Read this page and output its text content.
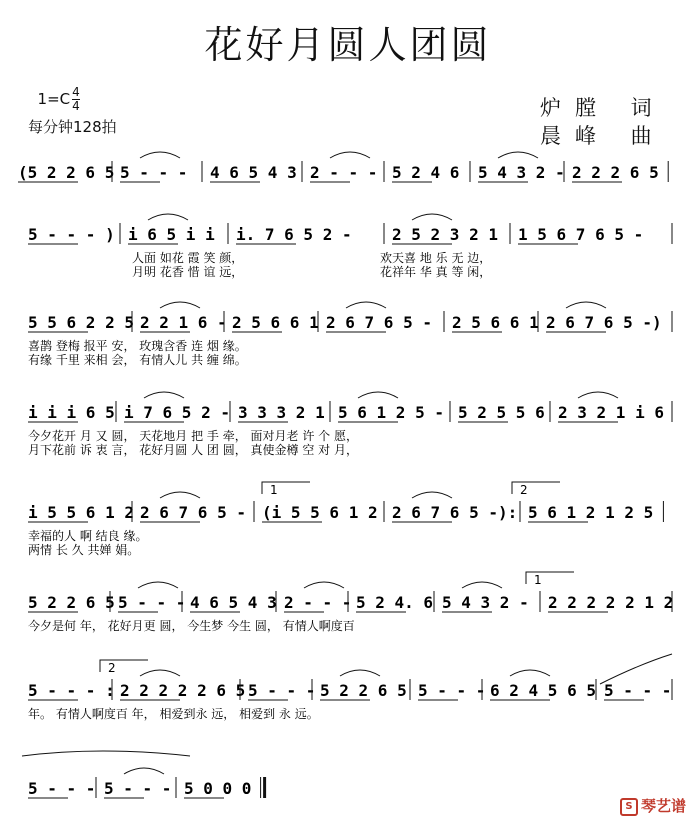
花好月圆人团圆

$1=C \frac{4}{4}$

每分钟128拍
炉膛 词
晨峰 曲
(5 2 2 6 5 5 - - - 4 6 5 4 3 2 - - - 5 2 4 6 5 4 3 2 - 2 2 2 6 5
5 - - - ) i 6 5 i i i. 7 6 5 2 -	2 5 2 3 2 1 1 5 6 7 6 5 -
人面 如花 霞 笑 颜，	欢天喜 地 乐 无 边，
月明 花香 惜 谊 远，	花祥年 华 真 等 闲，
5 5 6 2 2 5 2 2 1 6 - 2 5 6 6 1 2 6 7 6 5 - 2 5 6 6 1 2 6 7 6 5 -)
喜鹊 登梅 报平 安， 玫瑰含香 连 烟 缘。
有缘 千里 来相 会， 有情人儿 共 缠 绵。
i i i 6 5 i 7 6 5 2 - 3 3 3 2 1 5 6 1 2 5 - 5 2 5 5 6 2 3 2 1 i 6
今夕花开 月 又 圆， 天花地月 把 手 牵， 面对月老 许 个 愿，
月下花前 诉 衷 言， 花好月圆 人 团 圆， 真使金樽 空 对 月，
i 5 5 6 1 2 2 6 7 6 5 - (i 5 5 6 1 2 2 6 7 6 5 -): 5 6 1 2 1 2 5
幸福的人 啊 结良 缘。
两情 长 久 共婵 娟。
5 2 2 6 5 5 - - - 4 6 5 4 3 2 - - - 5 2 4. 6 5 4 3 2 - 2 2 2 2 2 1 2
今夕是何 年， 花好月更 圆， 今生梦 今生 圆， 有情人啊度百
5 - - - : 2 2 2 2 2 6 5 5 - - - 5 2 2 6 5 5 - - - 6 2 4 5 6 5 5 - - -
年。 有情人啊度百 年， 相爱到永 远， 相爱到 永 远。
5 - - - 5 - - - 5 0 0 0
1	2
1
2
S 琴艺谱
